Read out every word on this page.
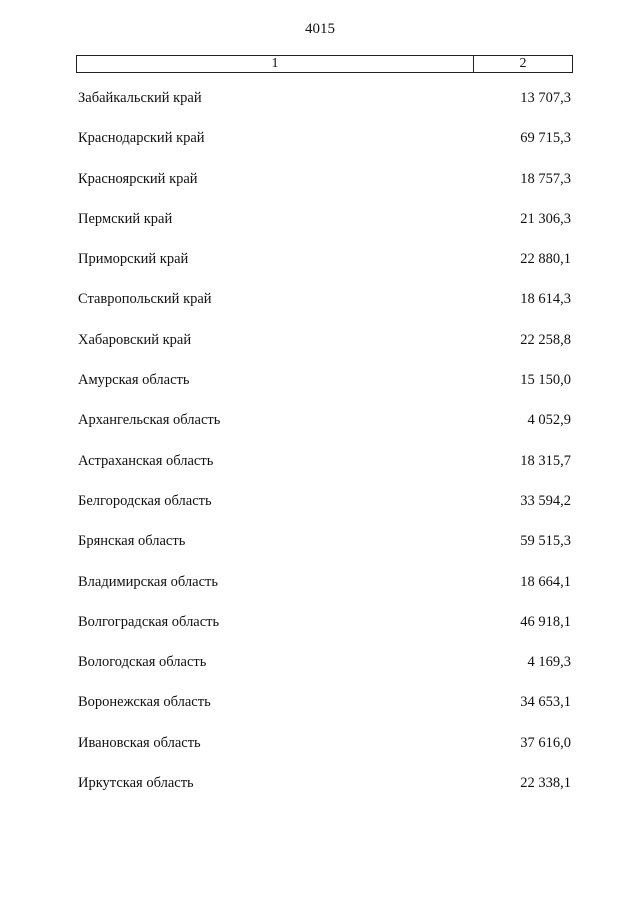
4015
1	2
Забайкальский край	13 707,3
Краснодарский край	69 715,3
Красноярский край	18 757,3
Пермский край	21 306,3
Приморский край	22 880,1
Ставропольский край	18 614,3
Хабаровский край	22 258,8
Амурская область	15 150,0
Архангельская область	4 052,9
Астраханская область	18 315,7
Белгородская область	33 594,2
Брянская область	59 515,3
Владимирская область	18 664,1
Волгоградская область	46 918,1
Вологодская область	4 169,3
Воронежская область	34 653,1
Ивановская область	37 616,0
Иркутская область	22 338,1
